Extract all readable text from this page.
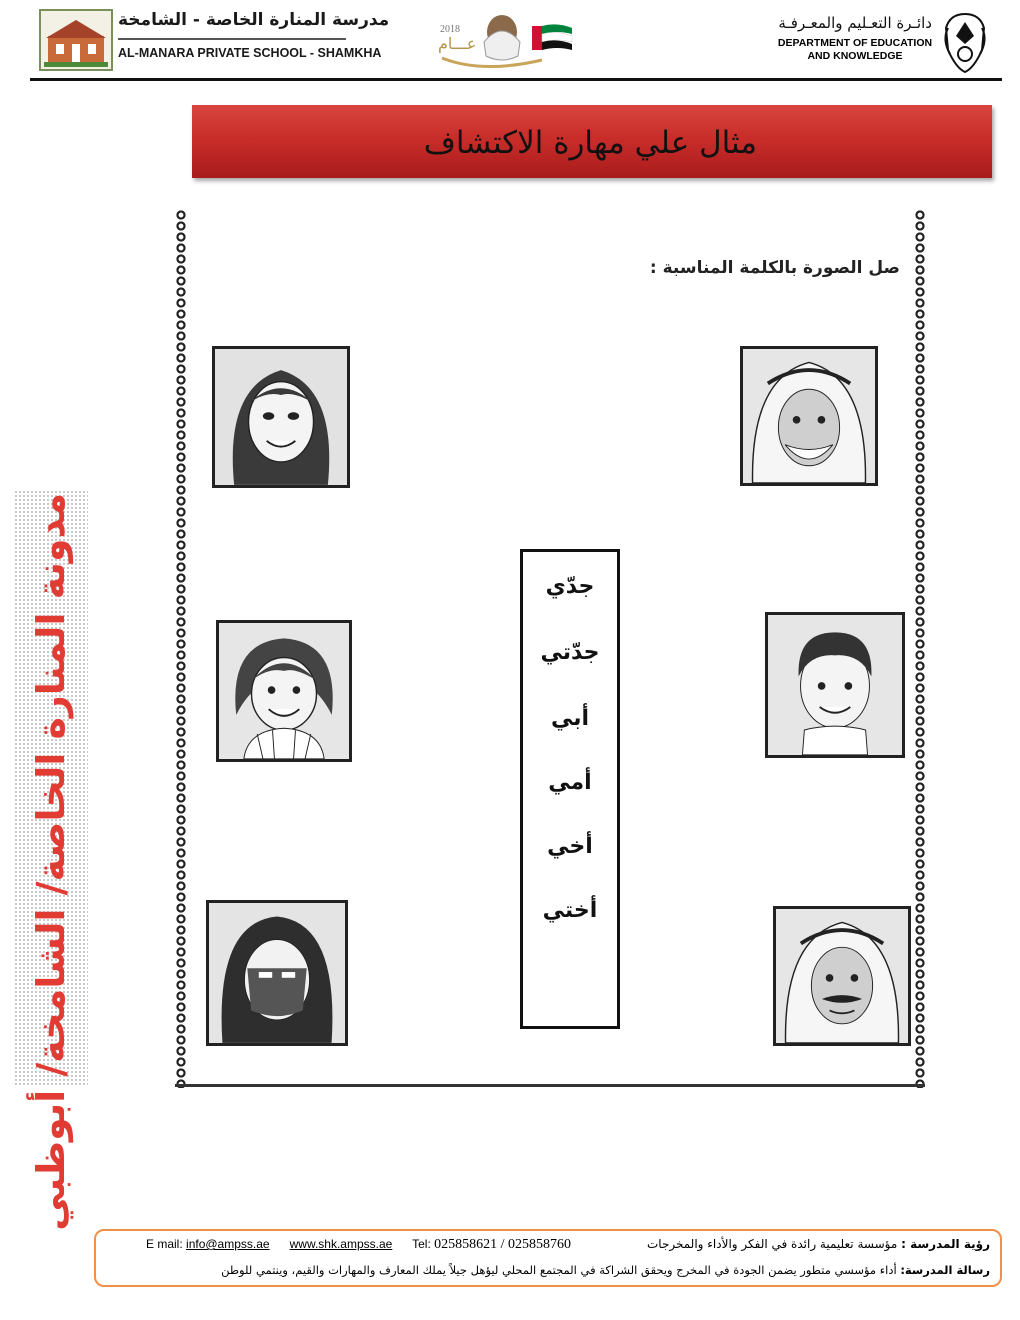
مدرسة المنارة الخاصة - الشامخة
AL-MANARA PRIVATE SCHOOL - SHAMKHA
2018
عـــام
دائـرة التعـليم والمعـرفـة
DEPARTMENT OF EDUCATION
AND KNOWLEDGE
مثال علي مهارة الاكتشاف
مدونة المنارة الخاصة/ الشامخة/ أبوظبي
صل الصورة بالكلمة المناسبة :
جدّي
جدّتي
أبي
أمي
أخي
أختي
رؤية المدرسة : مؤسسة تعليمية رائدة في الفكر والأداء والمخرجات
E mail: info@ampss.ae www.shk.ampss.ae Tel: 025858621 / 025858760
رسالة المدرسة: أداء مؤسسي متطور يضمن الجودة في المخرج ويحقق الشراكة في المجتمع المحلي ليؤهل جيلاً يملك المعارف والمهارات والقيم، وينتمي للوطن
